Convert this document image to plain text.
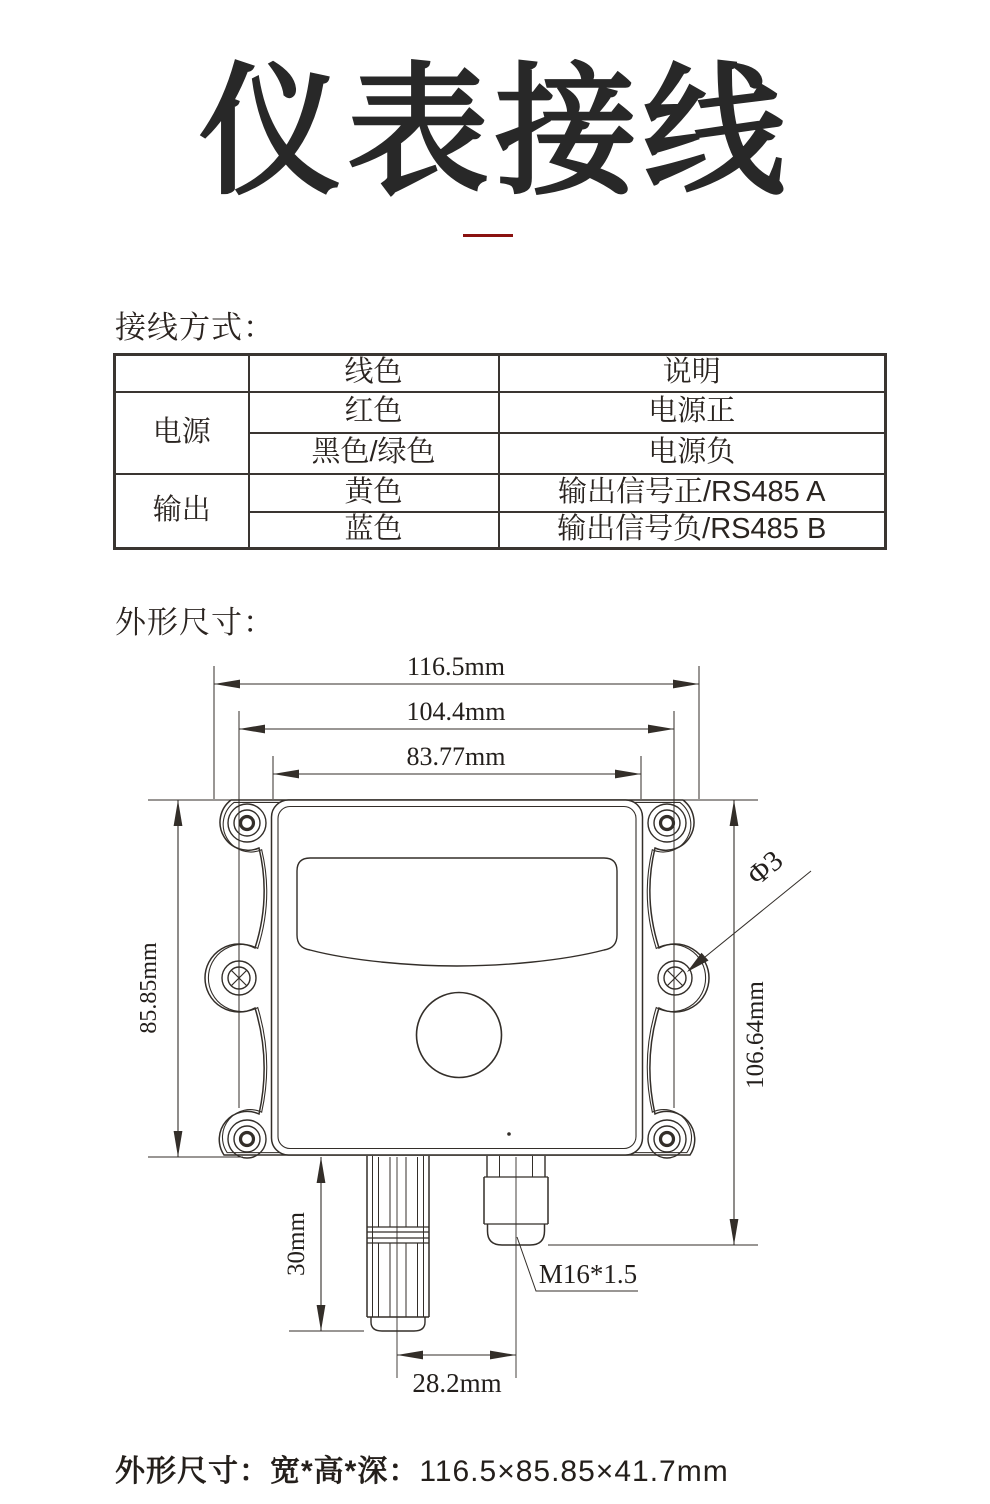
仪表接线
接线方式：
	线色	说明
电源	红色	电源正
	黑色/绿色	电源负
输出	黄色	输出信号正/RS485 A
	蓝色	输出信号负/RS485 B
外形尺寸：
116.5mm
104.4mm
83.77mm
85.85mm	106.64mm
30mm
28.2mm
Φ3
M16*1.5
外形尺寸：宽*高*深：116.5×85.85×41.7mm
